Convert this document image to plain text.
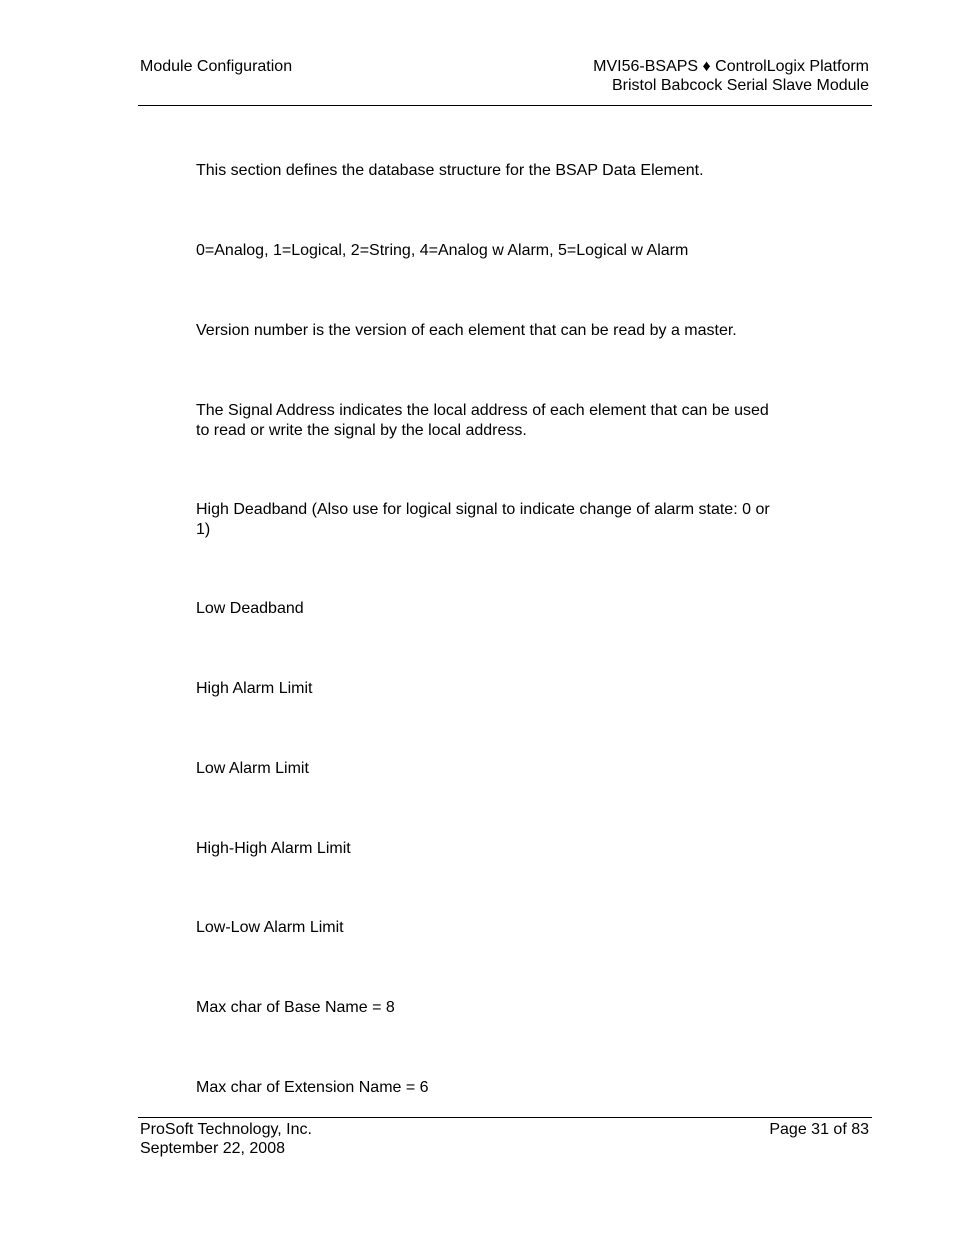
Module Configuration	MVI56-BSAPS ♦ ControlLogix Platform
Bristol Babcock Serial Slave Module

This section defines the database structure for the BSAP Data Element.

0=Analog, 1=Logical, 2=String, 4=Analog w Alarm, 5=Logical w Alarm

Version number is the version of each element that can be read by a master.

The Signal Address indicates the local address of each element that can be used
to read or write the signal by the local address.

High Deadband (Also use for logical signal to indicate change of alarm state: 0 or
1)

Low Deadband

High Alarm Limit

Low Alarm Limit

High-High Alarm Limit

Low-Low Alarm Limit

Max char of Base Name = 8

Max char of Extension Name = 6

ProSoft Technology, Inc.
September 22, 2008
Page 31 of 83
